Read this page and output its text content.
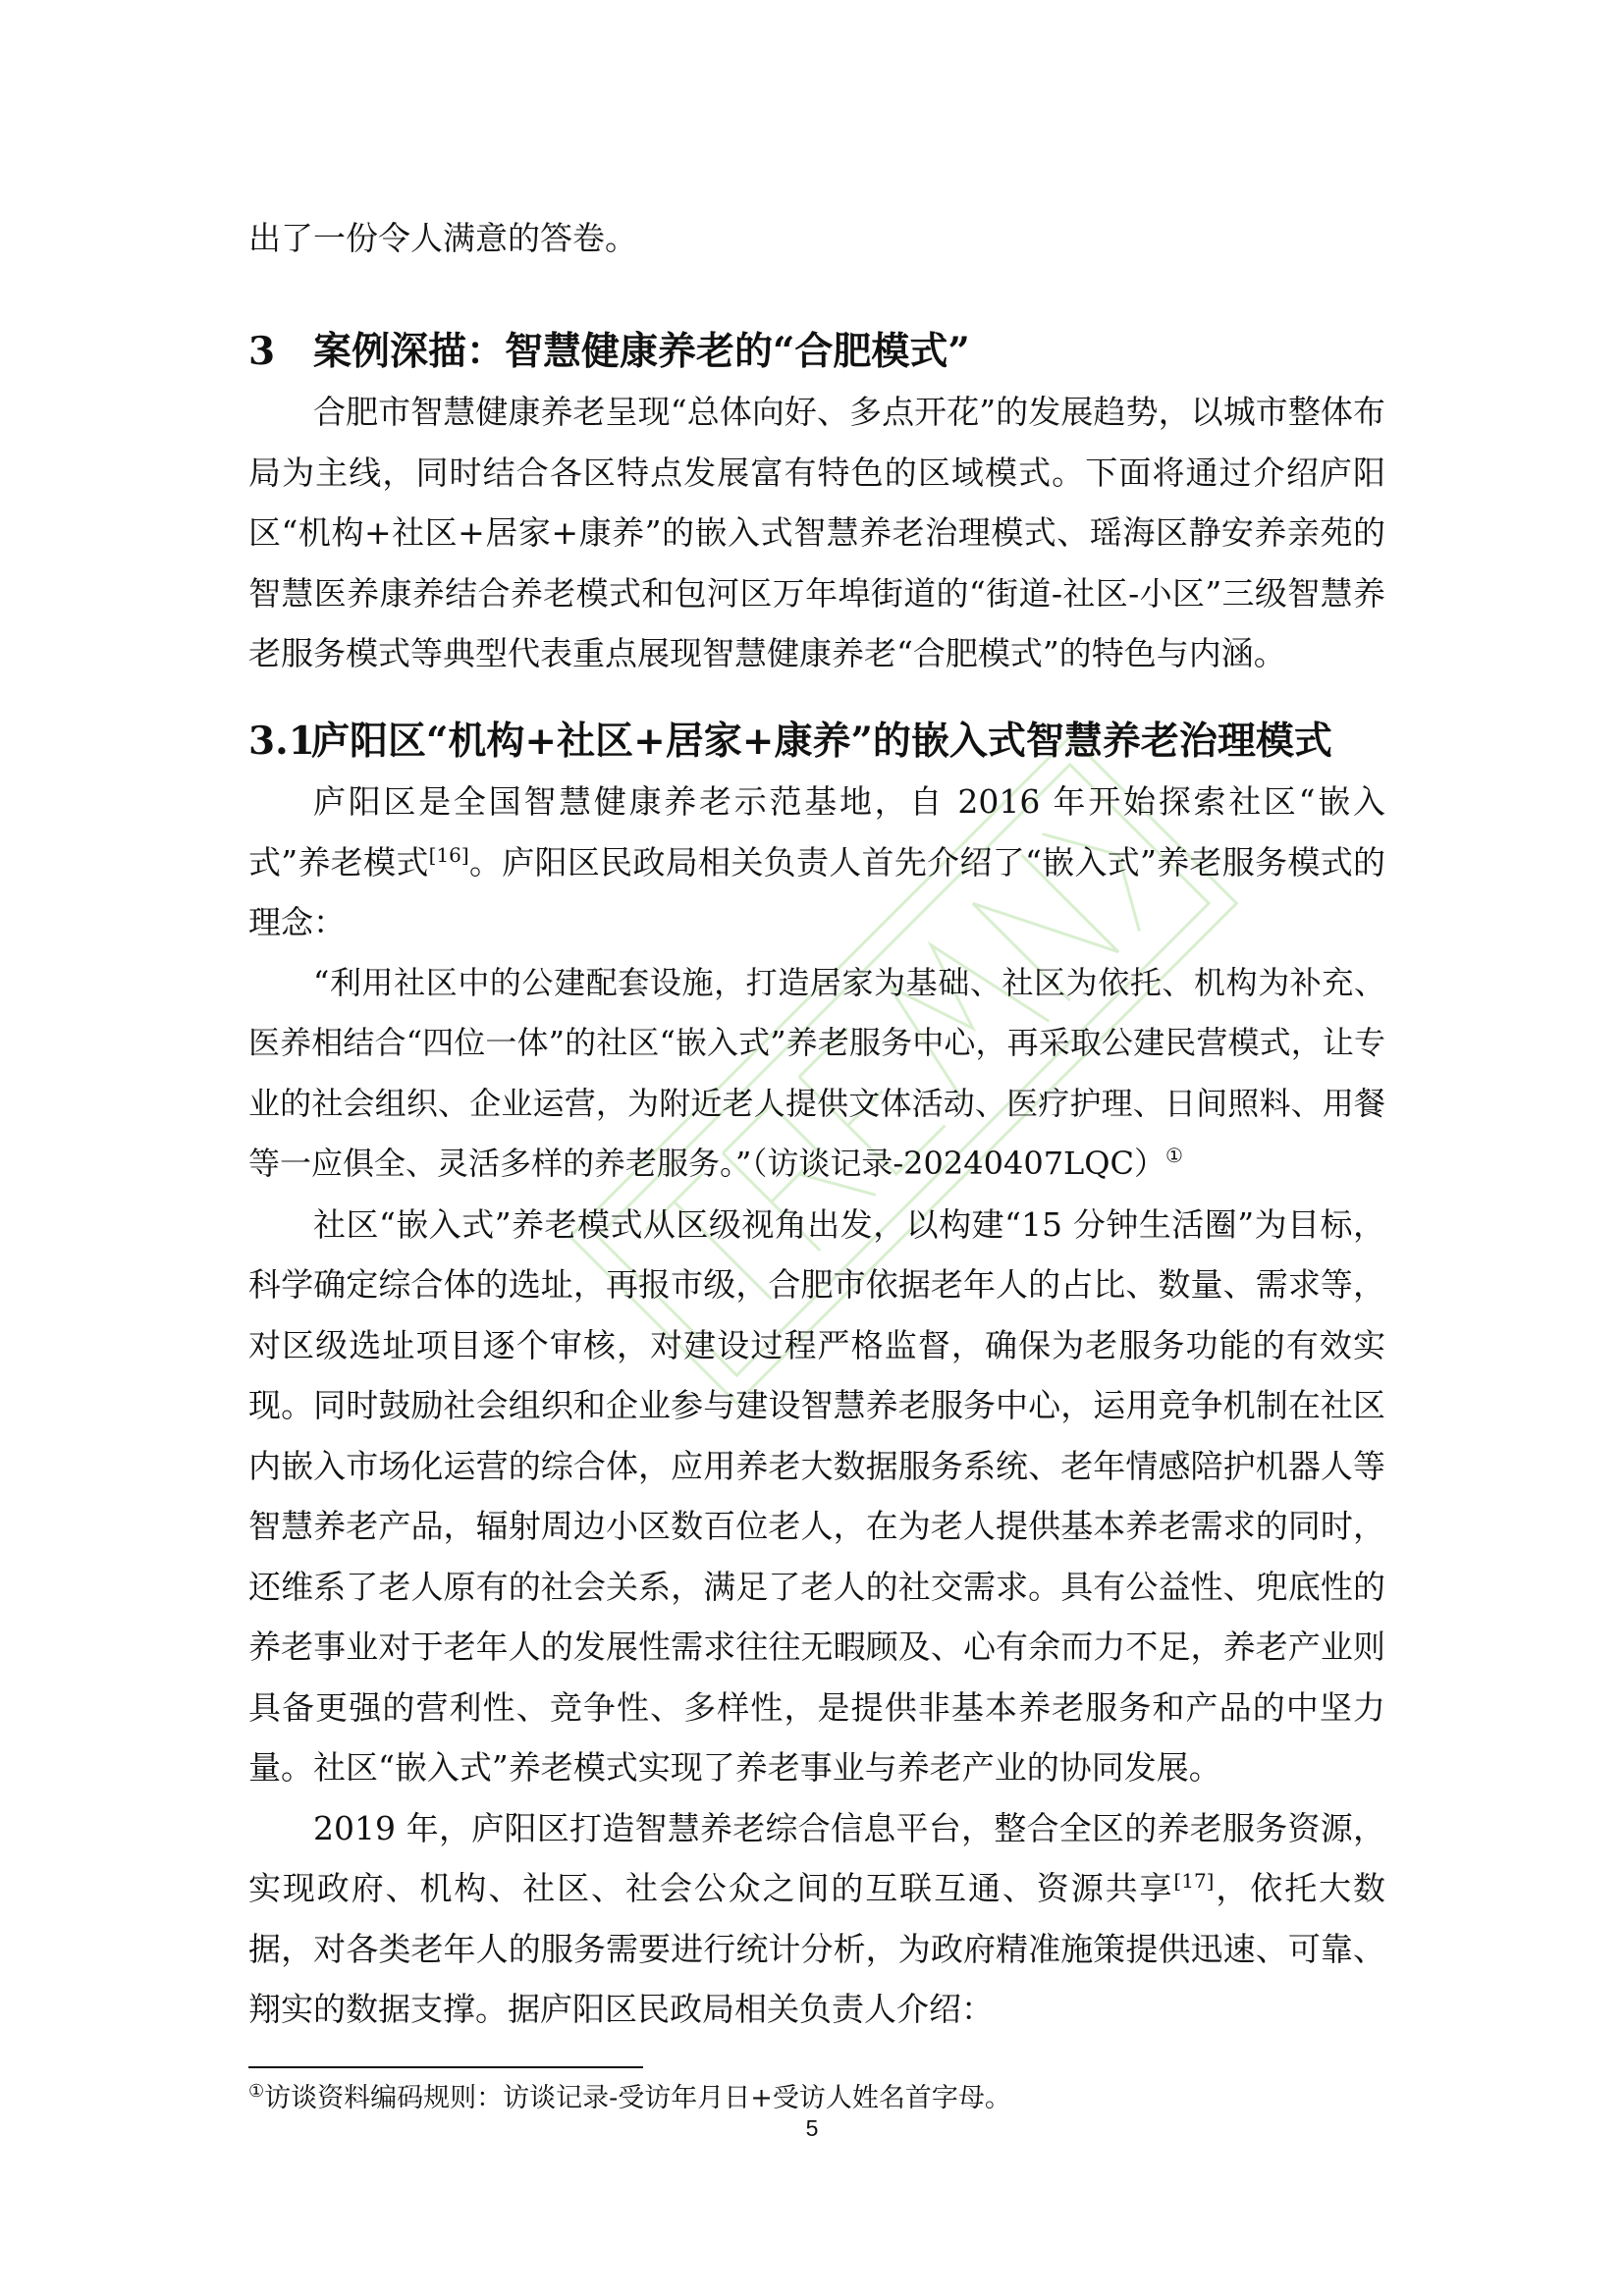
出了一份令人满意的答卷。

3 案例深描：智慧健康养老的“合肥模式”

合肥市智慧健康养老呈现“总体向好、多点开花”的发展趋势，以城市整体布局为主线，同时结合各区特点发展富有特色的区域模式。下面将通过介绍庐阳区“机构+社区+居家+康养”的嵌入式智慧养老治理模式、瑶海区静安养亲苑的智慧医养康养结合养老模式和包河区万年埠街道的“街道-社区-小区”三级智慧养老服务模式等典型代表重点展现智慧健康养老“合肥模式”的特色与内涵。

3.1庐阳区“机构+社区+居家+康养”的嵌入式智慧养老治理模式

庐阳区是全国智慧健康养老示范基地，自 2016 年开始探索社区“嵌入式”养老模式[16]。庐阳区民政局相关负责人首先介绍了“嵌入式”养老服务模式的理念：

“利用社区中的公建配套设施，打造居家为基础、社区为依托、机构为补充、医养相结合“四位一体”的社区“嵌入式”养老服务中心，再采取公建民营模式，让专业的社会组织、企业运营，为附近老人提供文体活动、医疗护理、日间照料、用餐等一应俱全、灵活多样的养老服务。”（访谈记录-20240407LQC）①

社区“嵌入式”养老模式从区级视角出发，以构建“15 分钟生活圈”为目标，科学确定综合体的选址，再报市级，合肥市依据老年人的占比、数量、需求等，对区级选址项目逐个审核，对建设过程严格监督，确保为老服务功能的有效实现。同时鼓励社会组织和企业参与建设智慧养老服务中心，运用竞争机制在社区内嵌入市场化运营的综合体，应用养老大数据服务系统、老年情感陪护机器人等智慧养老产品，辐射周边小区数百位老人，在为老人提供基本养老需求的同时，还维系了老人原有的社会关系，满足了老人的社交需求。具有公益性、兜底性的养老事业对于老年人的发展性需求往往无暇顾及、心有余而力不足，养老产业则具备更强的营利性、竞争性、多样性，是提供非基本养老服务和产品的中坚力量。社区“嵌入式”养老模式实现了养老事业与养老产业的协同发展。

2019 年，庐阳区打造智慧养老综合信息平台，整合全区的养老服务资源，实现政府、机构、社区、社会公众之间的互联互通、资源共享[17]，依托大数据，对各类老年人的服务需要进行统计分析，为政府精准施策提供迅速、可靠、翔实的数据支撑。据庐阳区民政局相关负责人介绍：

①访谈资料编码规则：访谈记录-受访年月日+受访人姓名首字母。

5
